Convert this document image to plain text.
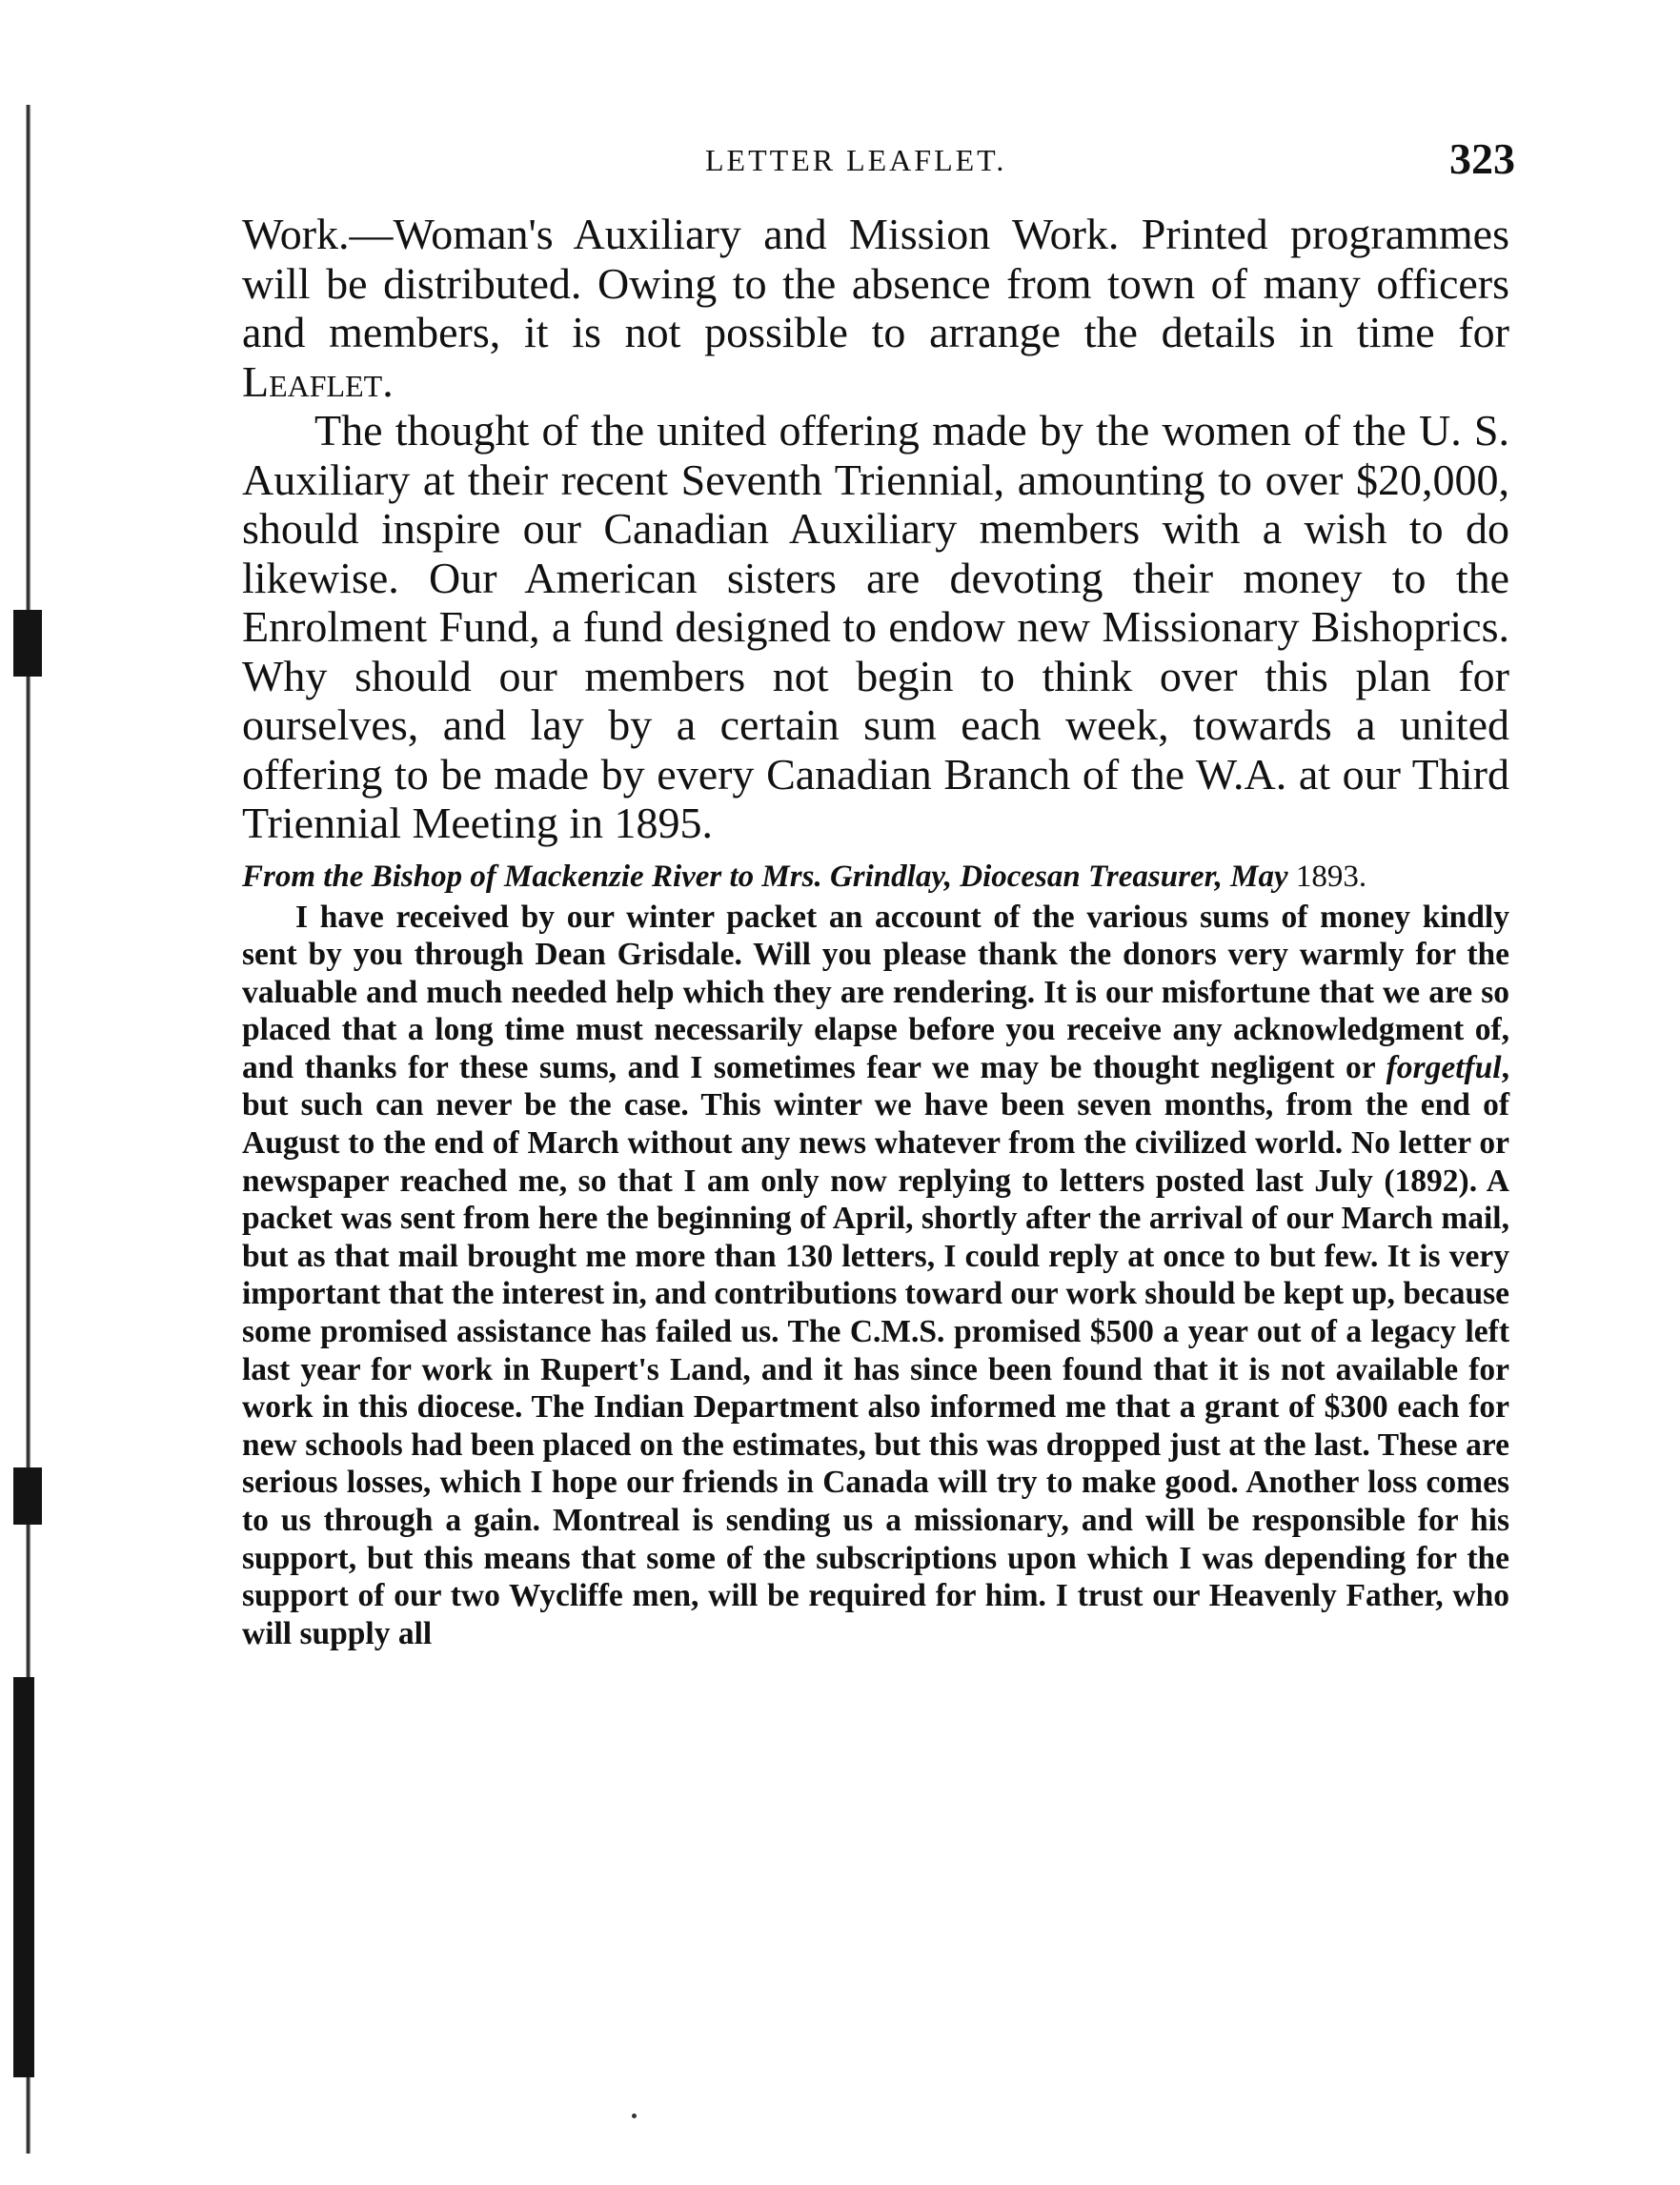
LETTER LEAFLET.	323

Work.—Woman's Auxiliary and Mission Work. Printed programmes will be distributed. Owing to the absence from town of many officers and members, it is not possible to arrange the details in time for Leaflet.

The thought of the united offering made by the women of the U. S. Auxiliary at their recent Seventh Triennial, amounting to over $20,000, should inspire our Canadian Auxiliary members with a wish to do likewise. Our American sisters are devoting their money to the Enrolment Fund, a fund designed to endow new Missionary Bishoprics. Why should our members not begin to think over this plan for ourselves, and lay by a certain sum each week, towards a united offering to be made by every Canadian Branch of the W.A. at our Third Triennial Meeting in 1895.

From the Bishop of Mackenzie River to Mrs. Grindlay, Diocesan Treasurer, May 1893.

I have received by our winter packet an account of the various sums of money kindly sent by you through Dean Grisdale. Will you please thank the donors very warmly for the valuable and much needed help which they are rendering. It is our misfortune that we are so placed that a long time must necessarily elapse before you receive any acknowledgment of, and thanks for these sums, and I sometimes fear we may be thought negligent or forgetful, but such can never be the case. This winter we have been seven months, from the end of August to the end of March without any news whatever from the civilized world. No letter or newspaper reached me, so that I am only now replying to letters posted last July (1892). A packet was sent from here the beginning of April, shortly after the arrival of our March mail, but as that mail brought me more than 130 letters, I could reply at once to but few. It is very important that the interest in, and contributions toward our work should be kept up, because some promised assistance has failed us. The C.M.S. promised $500 a year out of a legacy left last year for work in Rupert's Land, and it has since been found that it is not available for work in this diocese. The Indian Department also informed me that a grant of $300 each for new schools had been placed on the estimates, but this was dropped just at the last. These are serious losses, which I hope our friends in Canada will try to make good. Another loss comes to us through a gain. Montreal is sending us a missionary, and will be responsible for his support, but this means that some of the subscriptions upon which I was depending for the support of our two Wycliffe men, will be required for him. I trust our Heavenly Father, who will supply all
